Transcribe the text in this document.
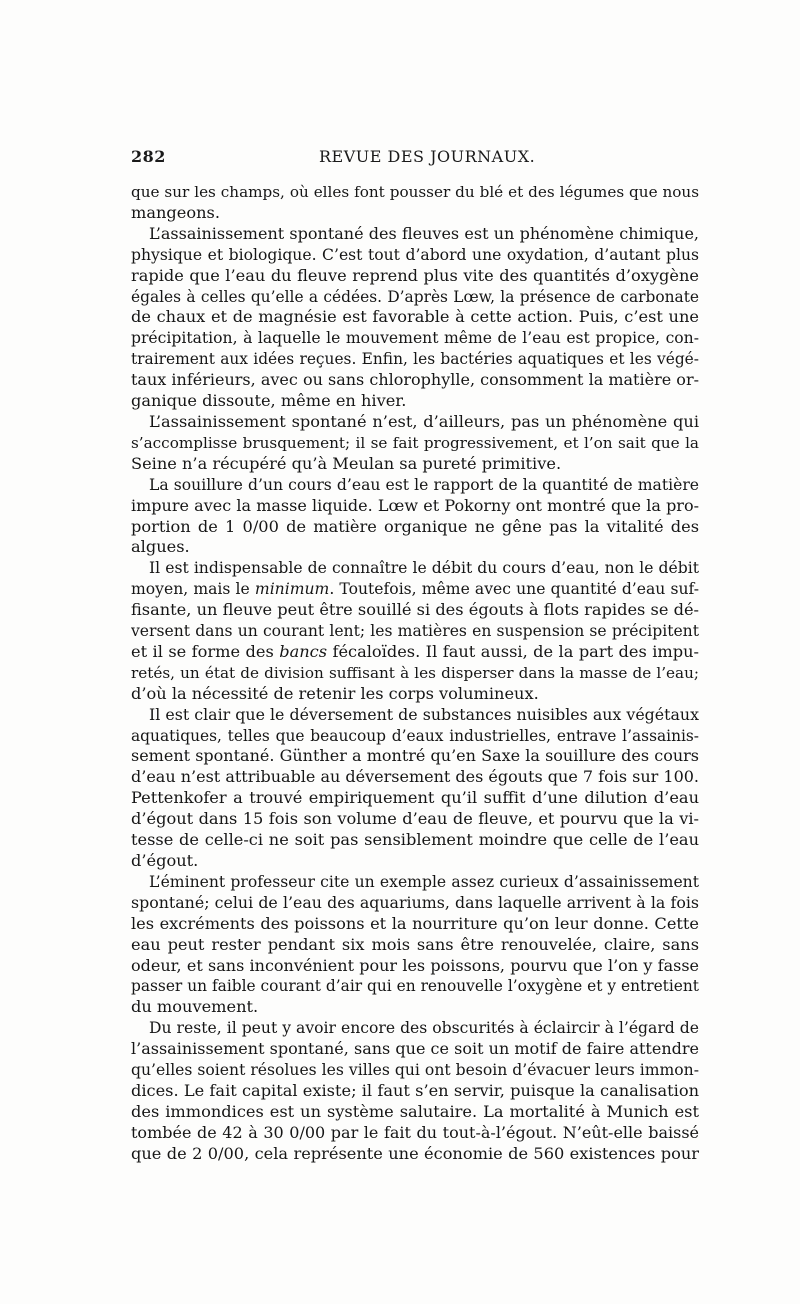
282	REVUE DES JOURNAUX.
que sur les champs, où elles font pousser du blé et des légumes que nous
mangeons.
L’assainissement spontané des fleuves est un phénomène chimique,
physique et biologique. C’est tout d’abord une oxydation, d’autant plus
rapide que l’eau du fleuve reprend plus vite des quantités d’oxygène
égales à celles qu’elle a cédées. D’après Lœw, la présence de carbonate
de chaux et de magnésie est favorable à cette action. Puis, c’est une
précipitation, à laquelle le mouvement même de l’eau est propice, con-
trairement aux idées reçues. Enfin, les bactéries aquatiques et les végé-
taux inférieurs, avec ou sans chlorophylle, consomment la matière or-
ganique dissoute, même en hiver.
L’assainissement spontané n’est, d’ailleurs, pas un phénomène qui
s’accomplisse brusquement; il se fait progressivement, et l’on sait que la
Seine n’a récupéré qu’à Meulan sa pureté primitive.
La souillure d’un cours d’eau est le rapport de la quantité de matière
impure avec la masse liquide. Lœw et Pokorny ont montré que la pro-
portion de 1 0/00 de matière organique ne gêne pas la vitalité des
algues.
Il est indispensable de connaître le débit du cours d’eau, non le débit
moyen, mais le minimum. Toutefois, même avec une quantité d’eau suf-
fisante, un fleuve peut être souillé si des égouts à flots rapides se dé-
versent dans un courant lent; les matières en suspension se précipitent
et il se forme des bancs fécaloïdes. Il faut aussi, de la part des impu-
retés, un état de division suffisant à les disperser dans la masse de l’eau;
d’où la nécessité de retenir les corps volumineux.
Il est clair que le déversement de substances nuisibles aux végétaux
aquatiques, telles que beaucoup d’eaux industrielles, entrave l’assainis-
sement spontané. Günther a montré qu’en Saxe la souillure des cours
d’eau n’est attribuable au déversement des égouts que 7 fois sur 100.
Pettenkofer a trouvé empiriquement qu’il suffit d’une dilution d’eau
d’égout dans 15 fois son volume d’eau de fleuve, et pourvu que la vi-
tesse de celle-ci ne soit pas sensiblement moindre que celle de l’eau
d’égout.
L’éminent professeur cite un exemple assez curieux d’assainissement
spontané; celui de l’eau des aquariums, dans laquelle arrivent à la fois
les excréments des poissons et la nourriture qu’on leur donne. Cette
eau peut rester pendant six mois sans être renouvelée, claire, sans
odeur, et sans inconvénient pour les poissons, pourvu que l’on y fasse
passer un faible courant d’air qui en renouvelle l’oxygène et y entretient
du mouvement.
Du reste, il peut y avoir encore des obscurités à éclaircir à l’égard de
l’assainissement spontané, sans que ce soit un motif de faire attendre
qu’elles soient résolues les villes qui ont besoin d’évacuer leurs immon-
dices. Le fait capital existe; il faut s’en servir, puisque la canalisation
des immondices est un système salutaire. La mortalité à Munich est
tombée de 42 à 30 0/00 par le fait du tout-à-l’égout. N’eût-elle baissé
que de 2 0/00, cela représente une économie de 560 existences pour
